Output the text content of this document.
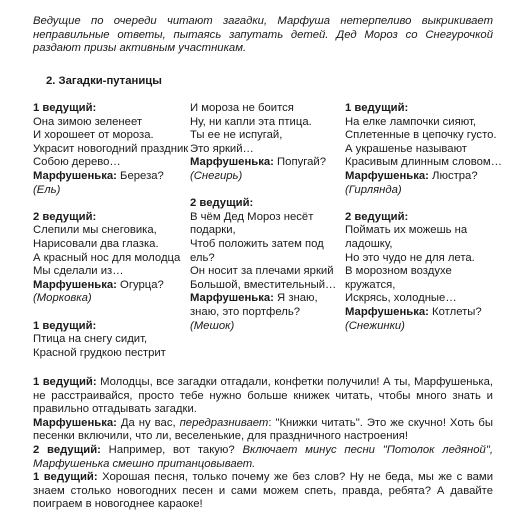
Ведущие по очереди читают загадки, Марфуша нетерпеливо выкрикивает неправильные ответы, пытаясь запутать детей. Дед Мороз со Снегурочкой раздают призы активным участникам.
2. Загадки-путаницы
1 ведущий:
Она зимою зеленеет
И хорошеет от мороза.
Украсит новогодний праздник
Собою дерево…
Марфушенька: Береза?
(Ель)
2 ведущий:
Слепили мы снеговика,
Нарисовали два глазка.
А красный нос для молодца
Мы сделали из…
Марфушенька: Огурца?
(Морковка)
1 ведущий:
Птица на снегу сидит,
Красной грудкою пестрит
И мороза не боится
Ну, ни капли эта птица.
Ты ее не испугай,
Это яркий…
Марфушенька: Попугай?
(Снегирь)
2 ведущий:
В чём Дед Мороз несёт
подарки,
Чтоб положить затем под
ель?
Он носит за плечами яркий
Большой, вместительный…
Марфушенька: Я знаю,
знаю, это портфель?
(Мешок)
1 ведущий:
На елке лампочки сияют,
Сплетенные в цепочку густо.
А украшенье называют
Красивым длинным словом…
Марфушенька: Люстра?
(Гирлянда)
2 ведущий:
Поймать их можешь на
ладошку,
Но это чудо не для лета.
В морозном воздухе
кружатся,
Искрясь, холодные…
Марфушенька: Котлеты?
(Снежинки)

1 ведущий: Молодцы, все загадки отгадали, конфетки получили! А ты, Марфушенька, не расстраивайся, просто тебе нужно больше книжек читать, чтобы много знать и правильно отгадывать загадки.

Марфушенька: Да ну вас, передразнивает: "Книжки читать". Это же скучно! Хоть бы песенки включили, что ли, веселенькие, для праздничного настроения!

2 ведущий: Например, вот такую? Включает минус песни "Потолок ледяной", Марфушенька смешно пританцовывает.

1 ведущий: Хорошая песня, только почему же без слов? Ну не беда, мы же с вами знаем столько новогодних песен и сами можем спеть, правда, ребята? А давайте поиграем в новогоднее караоке!
